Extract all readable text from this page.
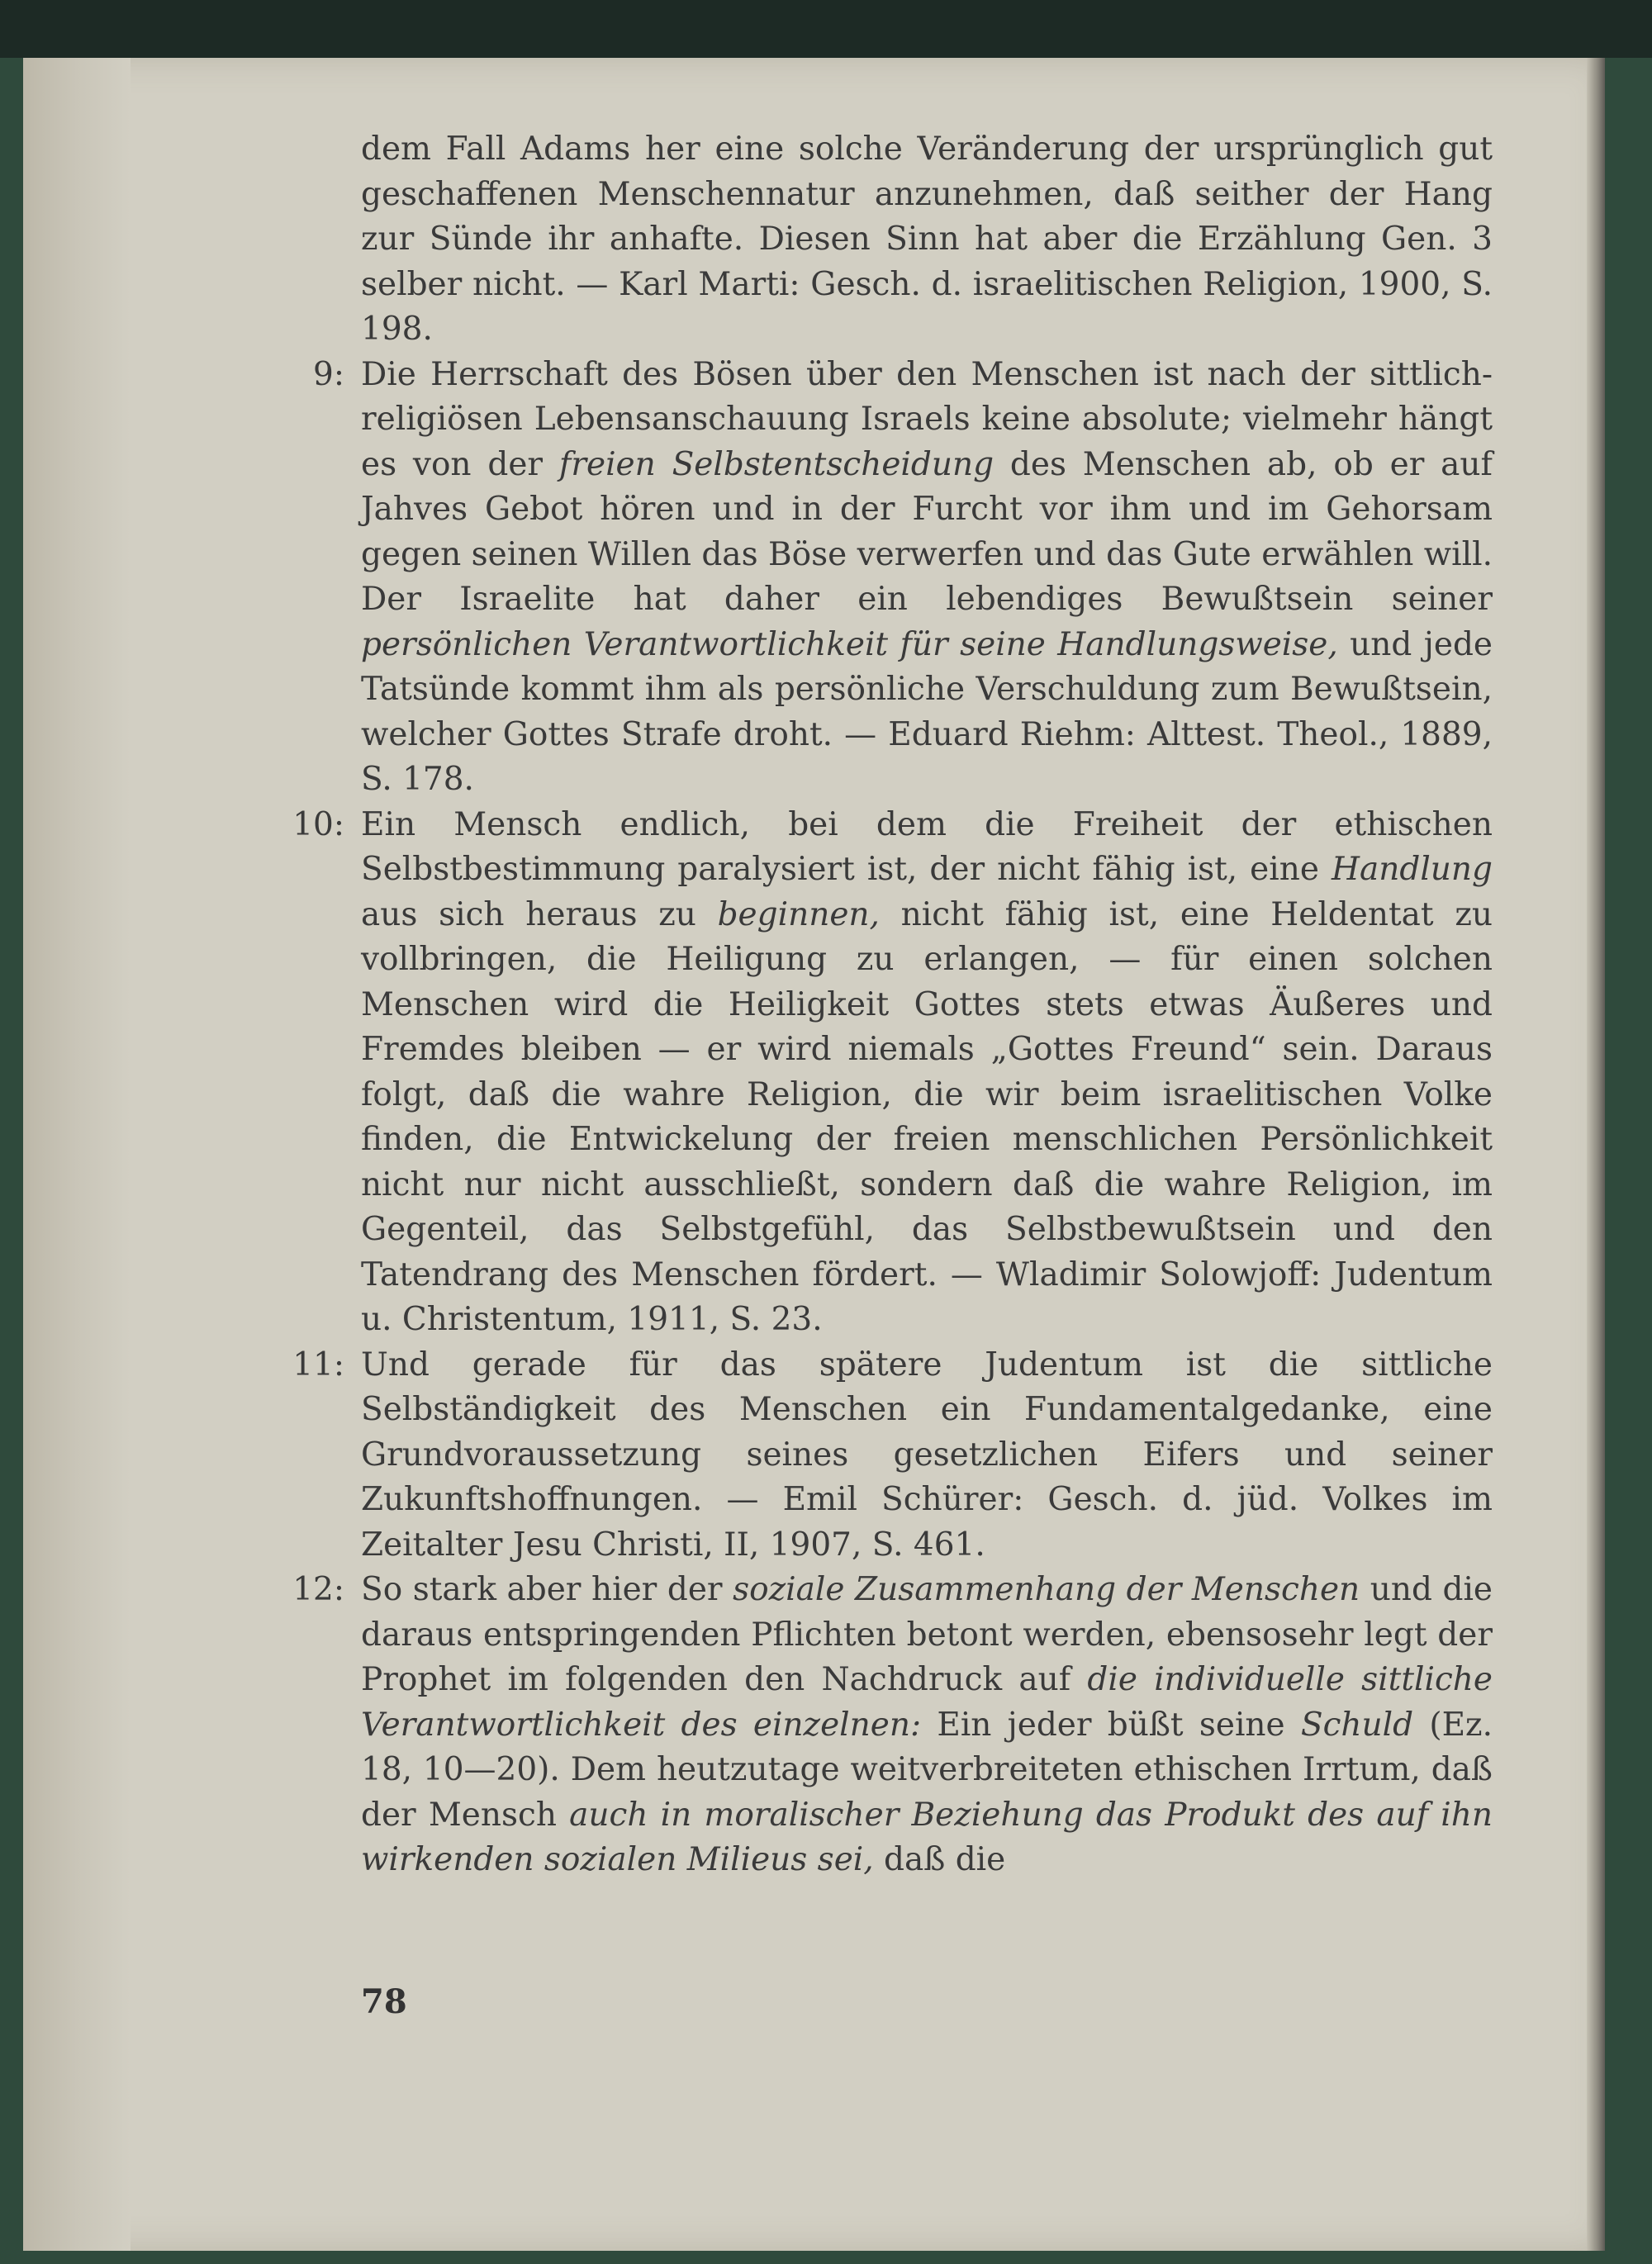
dem Fall Adams her eine solche Veränderung der ursprünglich gut geschaffenen Menschennatur anzunehmen, daß seither der Hang zur Sünde ihr anhafte. Diesen Sinn hat aber die Erzählung Gen. 3 selber nicht. — Karl Marti: Gesch. d. israelitischen Religion, 1900, S. 198.
9: Die Herrschaft des Bösen über den Menschen ist nach der sittlich-religiösen Lebensanschauung Israels keine absolute; vielmehr hängt es von der freien Selbstentscheidung des Menschen ab, ob er auf Jahves Gebot hören und in der Furcht vor ihm und im Gehorsam gegen seinen Willen das Böse verwerfen und das Gute erwählen will. Der Israelite hat daher ein lebendiges Bewußtsein seiner persönlichen Verantwortlichkeit für seine Handlungsweise, und jede Tatsünde kommt ihm als persönliche Verschuldung zum Bewußtsein, welcher Gottes Strafe droht. — Eduard Riehm: Alttest. Theol., 1889, S. 178.
10: Ein Mensch endlich, bei dem die Freiheit der ethischen Selbstbestimmung paralysiert ist, der nicht fähig ist, eine Handlung aus sich heraus zu beginnen, nicht fähig ist, eine Heldentat zu vollbringen, die Heiligung zu erlangen, — für einen solchen Menschen wird die Heiligkeit Gottes stets etwas Äußeres und Fremdes bleiben — er wird niemals „Gottes Freund“ sein. Daraus folgt, daß die wahre Religion, die wir beim israelitischen Volke finden, die Entwickelung der freien menschlichen Persönlichkeit nicht nur nicht ausschließt, sondern daß die wahre Religion, im Gegenteil, das Selbstgefühl, das Selbstbewußtsein und den Tatendrang des Menschen fördert. — Wladimir Solowjoff: Judentum u. Christentum, 1911, S. 23.
11: Und gerade für das spätere Judentum ist die sittliche Selbständigkeit des Menschen ein Fundamentalgedanke, eine Grundvoraussetzung seines gesetzlichen Eifers und seiner Zukunftshoffnungen. — Emil Schürer: Gesch. d. jüd. Volkes im Zeitalter Jesu Christi, II, 1907, S. 461.
12: So stark aber hier der soziale Zusammenhang der Menschen und die daraus entspringenden Pflichten betont werden, ebensosehr legt der Prophet im folgenden den Nachdruck auf die individuelle sittliche Verantwortlichkeit des einzelnen: Ein jeder büßt seine Schuld (Ez. 18, 10—20). Dem heutzutage weitverbreiteten ethischen Irrtum, daß der Mensch auch in moralischer Beziehung das Produkt des auf ihn wirkenden sozialen Milieus sei, daß die
78
